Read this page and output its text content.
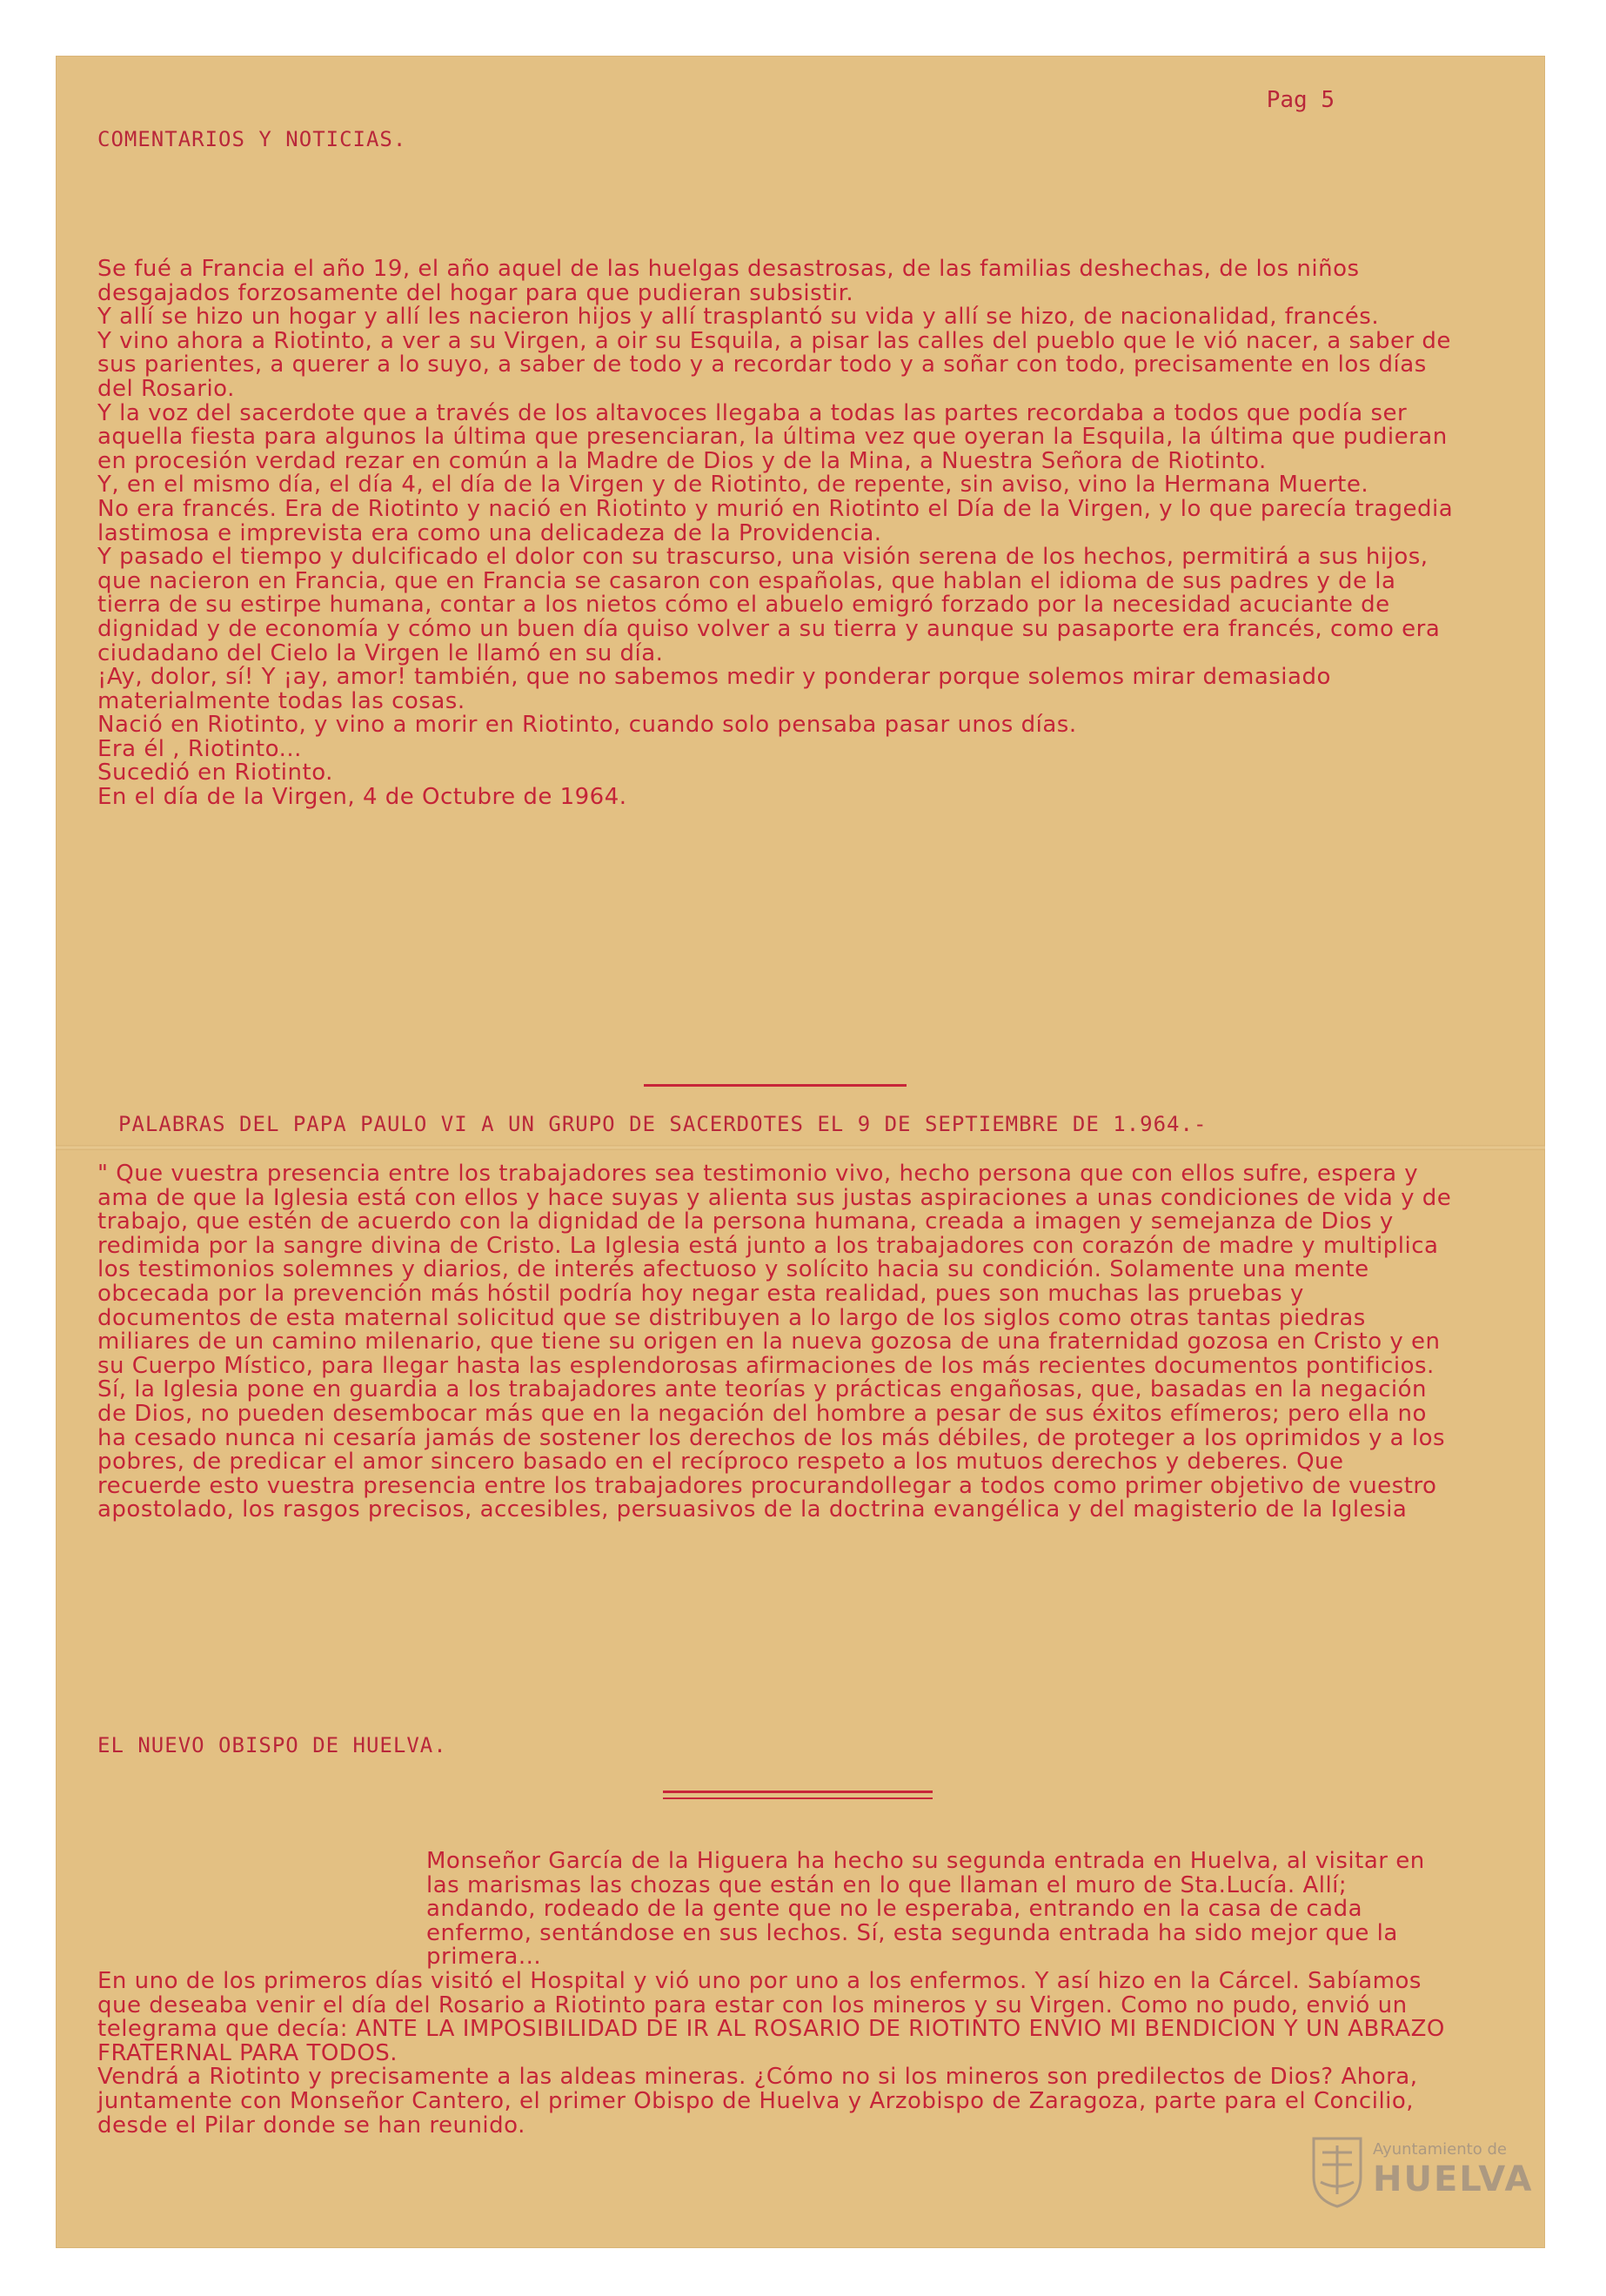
Pag 5
COMENTARIOS Y NOTICIAS.

Se fué a Francia el año 19, el año aquel de las huelgas desastrosas, de las familias deshechas, de los niños desgajados forzosamente del hogar para que pudieran subsistir.

Y allí se hizo un hogar y allí les nacieron hijos y allí trasplantó su vida y allí se hizo, de nacionalidad, francés.

Y vino ahora a Riotinto, a ver a su Virgen, a oir su Esquila, a pisar las calles del pueblo que le vió nacer, a saber de sus parientes, a querer a lo suyo, a saber de todo y a recordar todo y a soñar con todo, precisamente en los días del Rosario.

Y la voz del sacerdote que a través de los altavoces llegaba a todas las partes recordaba a todos que podía ser aquella fiesta para algunos la última que presenciaran, la última vez que oyeran la Esquila, la última que pudieran en procesión verdad rezar en común a la Madre de Dios y de la Mina, a Nuestra Señora de Riotinto.

Y, en el mismo día, el día 4, el día de la Virgen y de Riotinto, de repente, sin aviso, vino la Hermana Muerte.

No era francés. Era de Riotinto y nació en Riotinto y murió en Riotinto el Día de la Virgen, y lo que parecía tragedia lastimosa e imprevista era como una delicadeza de la Providencia.

Y pasado el tiempo y dulcificado el dolor con su trascurso, una visión serena de los hechos, permitirá a sus hijos, que nacieron en Francia, que en Francia se casaron con españolas, que hablan el idioma de sus padres y de la tierra de su estirpe humana, contar a los nietos cómo el abuelo emigró forzado por la necesidad acuciante de dignidad y de economía y cómo un buen día quiso volver a su tierra y aunque su pasaporte era francés, como era ciudadano del Cielo la Virgen le llamó en su día.

¡Ay, dolor, sí! Y ¡ay, amor! también, que no sabemos medir y ponderar porque solemos mirar demasiado materialmente todas las cosas.

Nació en Riotinto, y vino a morir en Riotinto, cuando solo pensaba pasar unos días.

Era él , Riotinto...

Sucedió en Riotinto.

En el día de la Virgen, 4 de Octubre de 1964.

PALABRAS DEL PAPA PAULO VI A UN GRUPO DE SACERDOTES EL 9 DE SEPTIEMBRE DE 1.964.-

" Que vuestra presencia entre los trabajadores sea testimonio vivo, hecho persona que con ellos sufre, espera y ama de que la Iglesia está con ellos y hace suyas y alienta sus justas aspiraciones a unas condiciones de vida y de trabajo, que estén de acuerdo con la dignidad de la persona humana, creada a imagen y semejanza de Dios y redimida por la sangre divina de Cristo. La Iglesia está junto a los trabajadores con corazón de madre y multiplica los testimonios solemnes y diarios, de interés afectuoso y solícito hacia su condición. Solamente una mente obcecada por la prevención más hóstil podría hoy negar esta realidad, pues son muchas las pruebas y documentos de esta maternal solicitud que se distribuyen a lo largo de los siglos como otras tantas piedras miliares de un camino milenario, que tiene su origen en la nueva gozosa de una fraternidad gozosa en Cristo y en su Cuerpo Místico, para llegar hasta las esplendorosas afirmaciones de los más recientes documentos pontificios. Sí, la Iglesia pone en guardia a los trabajadores ante teorías y prácticas engañosas, que, basadas en la negación de Dios, no pueden desembocar más que en la negación del hombre a pesar de sus éxitos efímeros; pero ella no ha cesado nunca ni cesaría jamás de sostener los derechos de los más débiles, de proteger a los oprimidos y a los pobres, de predicar el amor sincero basado en el recíproco respeto a los mutuos derechos y deberes. Que recuerde esto vuestra presencia entre los trabajadores procurandollegar a todos como primer objetivo de vuestro apostolado, los rasgos precisos, accesibles, persuasivos de la doctrina evangélica y del magisterio de la Iglesia

EL NUEVO OBISPO DE HUELVA.

Monseñor García de la Higuera ha hecho su segunda entrada en Huelva, al visitar en las marismas las chozas que están en lo que llaman el muro de Sta.Lucía. Allí; andando, rodeado de la gente que no le esperaba, entrando en la casa de cada enfermo, sentándose en sus lechos. Sí, esta segunda entrada ha sido mejor que la primera...

En uno de los primeros días visitó el Hospital y vió uno por uno a los enfermos. Y así hizo en la Cárcel. Sabíamos que deseaba venir el día del Rosario a Riotinto para estar con los mineros y su Virgen. Como no pudo, envió un telegrama que decía: ANTE LA IMPOSIBILIDAD DE IR AL ROSARIO DE RIOTINTO ENVIO MI BENDICION Y UN ABRAZO FRATERNAL PARA TODOS.

Vendrá a Riotinto y precisamente a las aldeas mineras. ¿Cómo no si los mineros son predilectos de Dios? Ahora, juntamente con Monseñor Cantero, el primer Obispo de Huelva y Arzobispo de Zaragoza, parte para el Concilio, desde el Pilar donde se han reunido.

Ayuntamiento de
HUELVA
